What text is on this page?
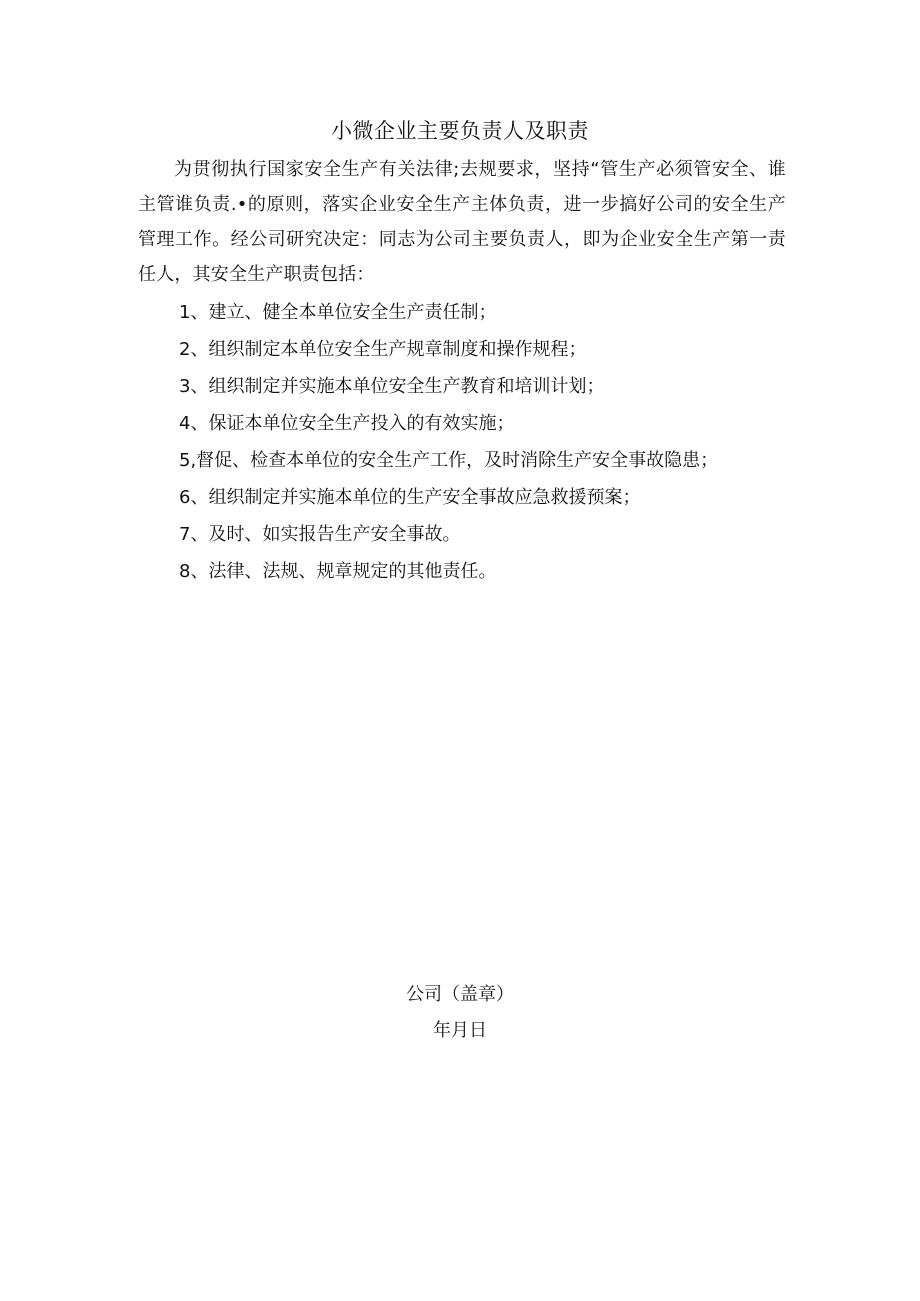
小微企业主要负责人及职责

为贯彻执行国家安全生产有关法律;去规要求，坚持“管生产必须管安全、谁主管谁负责.•的原则，落实企业安全生产主体负责，进一步搞好公司的安全生产管理工作。经公司研究决定：同志为公司主要负责人，即为企业安全生产第一责任人，其安全生产职责包括：

1、建立、健全本单位安全生产责任制；
2、组织制定本单位安全生产规章制度和操作规程；
3、组织制定并实施本单位安全生产教育和培训计划；
4、保证本单位安全生产投入的有效实施；
5,督促、检查本单位的安全生产工作，及时消除生产安全事故隐患；
6、组织制定并实施本单位的生产安全事故应急救援预案；
7、及时、如实报告生产安全事故。
8、法律、法规、规章规定的其他责任。
公司（盖章）
年月日
